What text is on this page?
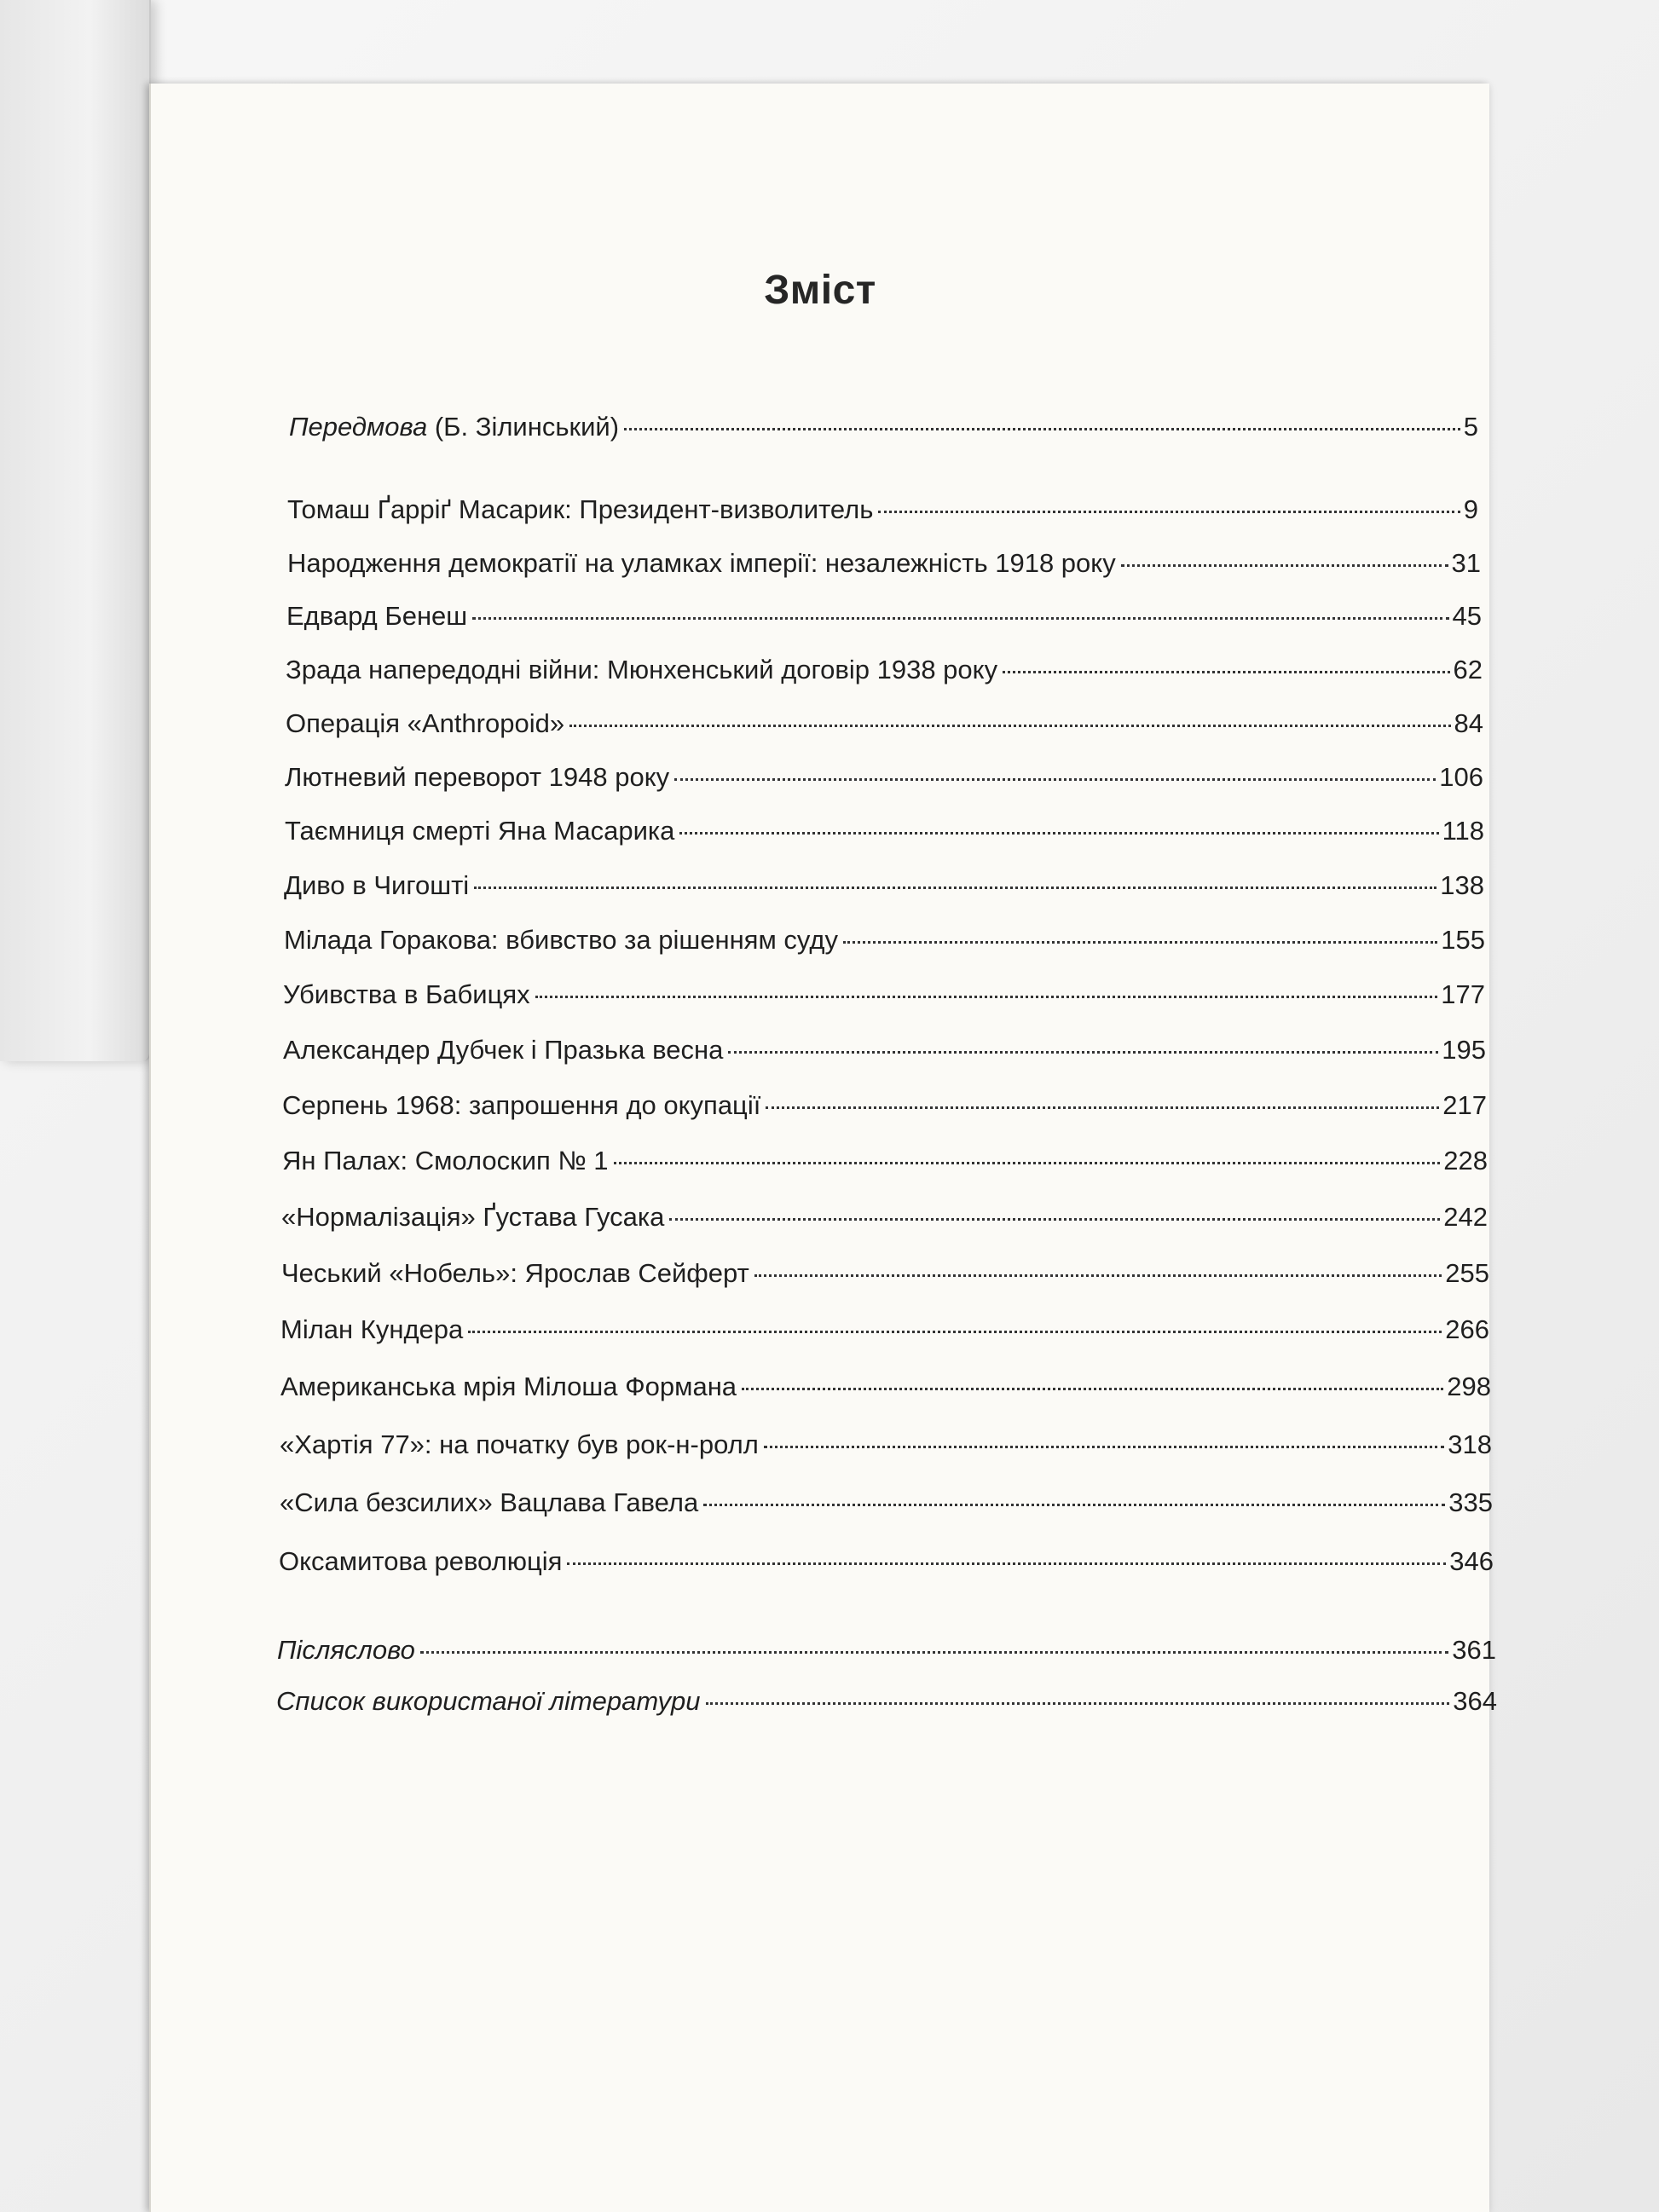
Зміст
Передмова (Б. Зілинський)	5
Томаш Ґарріґ Масарик: Президент-визволитель	9
Народження демократії на уламках імперії: незалежність 1918 року	31
Едвард Бенеш	45
Зрада напередодні війни: Мюнхенський договір 1938 року	62
Операція «Anthropoid»	84
Лютневий переворот 1948 року	106
Таємниця смерті Яна Масарика	118
Диво в Чигошті	138
Мілада Горакова: вбивство за рішенням суду	155
Убивства в Бабицях	177
Александер Дубчек і Празька весна	195
Серпень 1968: запрошення до окупації	217
Ян Палах: Смолоскип № 1	228
«Нормалізація» Ґустава Гусака	242
Чеський «Нобель»: Ярослав Сейферт	255
Мілан Кундера	266
Американська мрія Мілоша Формана	298
«Хартія 77»: на початку був рок-н-ролл	318
«Сила безсилих» Вацлава Гавела	335
Оксамитова революція	346
Післяслово	361
Список використаної літератури	364
